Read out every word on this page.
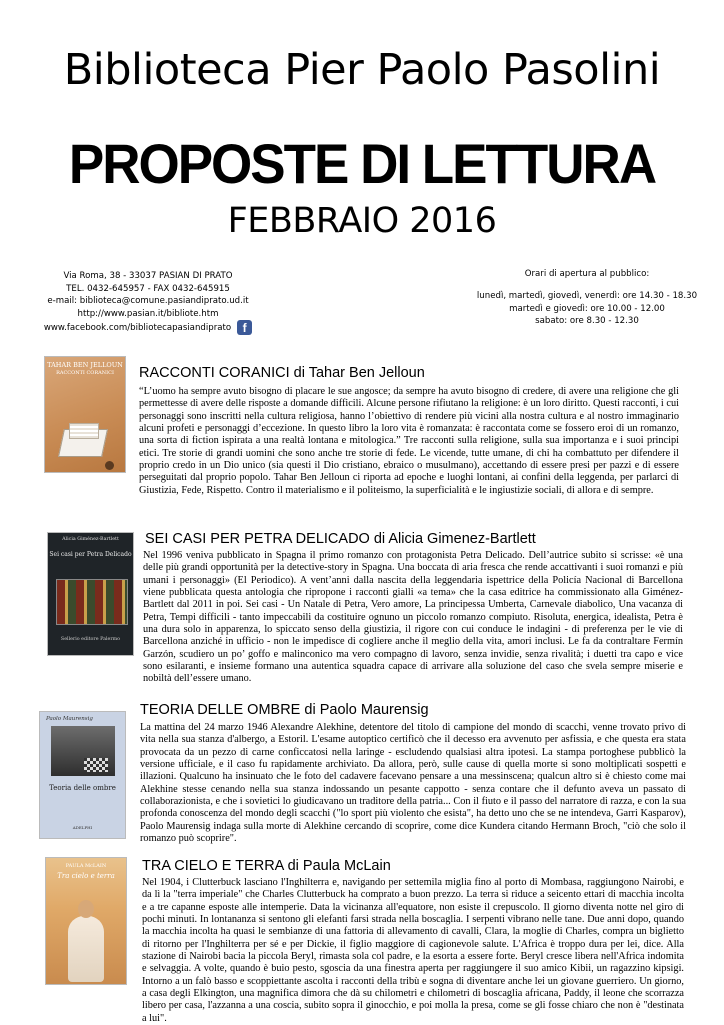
Biblioteca Pier Paolo Pasolini
PROPOSTE DI LETTURA
FEBBRAIO 2016
Via Roma, 38 - 33037 PASIAN DI PRATO
TEL. 0432-645957 - FAX 0432-645915
e-mail: biblioteca@comune.pasiandiprato.ud.it
http://www.pasian.it/bibliote.htm
www.facebook.com/bibliotecapasiandiprato f
Orari di apertura al pubblico:
lunedì, martedì, giovedì, venerdì: ore 14.30 - 18.30
martedì e giovedì: ore 10.00 - 12.00
sabato: ore 8.30 - 12.30
TAHAR BEN JELLOUN
RACCONTI CORANICI	RACCONTI CORANICI di Tahar Ben Jelloun
“L’uomo ha sempre avuto bisogno di placare le sue angosce; da sempre ha avuto bisogno di credere, di avere una religione che gli permettesse di avere delle risposte a domande difficili. Alcune persone rifiutano la religione: è un loro diritto. Questi racconti, i cui personaggi sono inscritti nella cultura religiosa, hanno l’obiettivo di rendere più vicini alla nostra cultura e al nostro immaginario alcuni profeti e personaggi d’eccezione. In questo libro la loro vita è romanzata: è raccontata come se fossero eroi di un romanzo, una sorta di fiction ispirata a una realtà lontana e mitologica.” Tre racconti sulla religione, sulla sua importanza e i suoi principi etici. Tre storie di grandi uomini che sono anche tre storie di fede. Le vicende, tutte umane, di chi ha combattuto per difendere il proprio credo in un Dio unico (sia questi il Dio cristiano, ebraico o musulmano), accettando di essere presi per pazzi e di essere perseguitati dal proprio popolo. Tahar Ben Jelloun ci riporta ad epoche e luoghi lontani, ai confini della leggenda, per parlarci di Giustizia, Fede, Rispetto. Contro il materialismo e il politeismo, la superficialità e le ingiustizie sociali, di allora e di sempre.
Alicia Giménez-Bartlett
Sei casi per Petra Delicado
Sellerio editore Palermo
SEI CASI PER PETRA DELICADO di Alicia Gimenez-Bartlett
Nel 1996 veniva pubblicato in Spagna il primo romanzo con protagonista Petra Delicado. Dell’autrice subito si scrisse: «è una delle più grandi opportunità per la detective-story in Spagna. Una boccata di aria fresca che rende accattivanti i suoi romanzi e più umani i personaggi» (El Periodico). A vent’anni dalla nascita della leggendaria ispettrice della Policía Nacional di Barcellona viene pubblicata questa antologia che ripropone i racconti gialli «a tema» che la casa editrice ha commissionato alla Giménez-Bartlett dal 2011 in poi. Sei casi - Un Natale di Petra, Vero amore, La principessa Umberta, Carnevale diabolico, Una vacanza di Petra, Tempi difficili - tanto impeccabili da costituire ognuno un piccolo romanzo compiuto. Risoluta, energica, idealista, Petra è una dura solo in apparenza, lo spiccato senso della giustizia, il rigore con cui conduce le indagini - di preferenza per le vie di Barcellona anziché in ufficio - non le impedisce di cogliere anche il meglio della vita, amori inclusi. Le fa da contraltare Fermín Garzón, scudiero un po’ goffo e malinconico ma vero compagno di lavoro, senza invidie, senza rivalità; i duetti tra capo e vice sono esilaranti, e insieme formano una autentica squadra capace di arrivare alla soluzione del caso che svela sempre miserie e nobiltà dell’essere umano.
Paolo Maurensig
Teoria delle ombre
ADELPHI
TEORIA DELLE OMBRE di Paolo Maurensig
La mattina del 24 marzo 1946 Alexandre Alekhine, detentore del titolo di campione del mondo di scacchi, venne trovato privo di vita nella sua stanza d'albergo, a Estoril. L'esame autoptico certificò che il decesso era avvenuto per asfissia, e che questa era stata provocata da un pezzo di carne conficcatosi nella laringe - escludendo qualsiasi altra ipotesi. La stampa portoghese pubblicò la versione ufficiale, e il caso fu rapidamente archiviato. Da allora, però, sulle cause di quella morte si sono moltiplicati sospetti e illazioni. Qualcuno ha insinuato che le foto del cadavere facevano pensare a una messinscena; qualcun altro si è chiesto come mai Alekhine stesse cenando nella sua stanza indossando un pesante cappotto - senza contare che il defunto aveva un passato di collaborazionista, e che i sovietici lo giudicavano un traditore della patria... Con il fiuto e il passo del narratore di razza, e con la sua profonda conoscenza del mondo degli scacchi ("lo sport più violento che esista", ha detto uno che se ne intendeva, Garri Kasparov), Paolo Maurensig indaga sulla morte di Alekhine cercando di scoprire, come dice Kundera citando Hermann Broch, "ciò che solo il romanzo può scoprire".
PAULA McLAIN
Tra cielo e terra
TRA CIELO E TERRA di Paula McLain
Nel 1904, i Clutterbuck lasciano l'Inghilterra e, navigando per settemila miglia fino al porto di Mombasa, raggiungono Nairobi, e da lì la "terra imperiale" che Charles Clutterbuck ha comprato a buon prezzo. La terra si riduce a seicento ettari di macchia incolta e a tre capanne esposte alle intemperie. Data la vicinanza all'equatore, non esiste il crepuscolo. Il giorno diventa notte nel giro di pochi minuti. In lontananza si sentono gli elefanti farsi strada nella boscaglia. I serpenti vibrano nelle tane. Due anni dopo, quando la macchia incolta ha quasi le sembianze di una fattoria di allevamento di cavalli, Clara, la moglie di Charles, compra un biglietto di ritorno per l'Inghilterra per sé e per Dickie, il figlio maggiore di cagionevole salute. L'Africa è troppo dura per lei, dice. Alla stazione di Nairobi bacia la piccola Beryl, rimasta sola col padre, e la esorta a essere forte. Beryl cresce libera nell'Africa indomita e selvaggia. A volte, quando è buio pesto, sgoscia da una finestra aperta per raggiungere il suo amico Kibii, un ragazzino kipsigi. Intorno a un falò basso e scoppiettante ascolta i racconti della tribù e sogna di diventare anche lei un giovane guerriero. Un giorno, a casa degli Elkington, una magnifica dimora che dà su chilometri e chilometri di boscaglia africana, Paddy, il leone che scorrazza libero per casa, l'azzanna a una coscia, subito sopra il ginocchio, e poi molla la presa, come se gli fosse chiaro che non è "destinata a lui".
